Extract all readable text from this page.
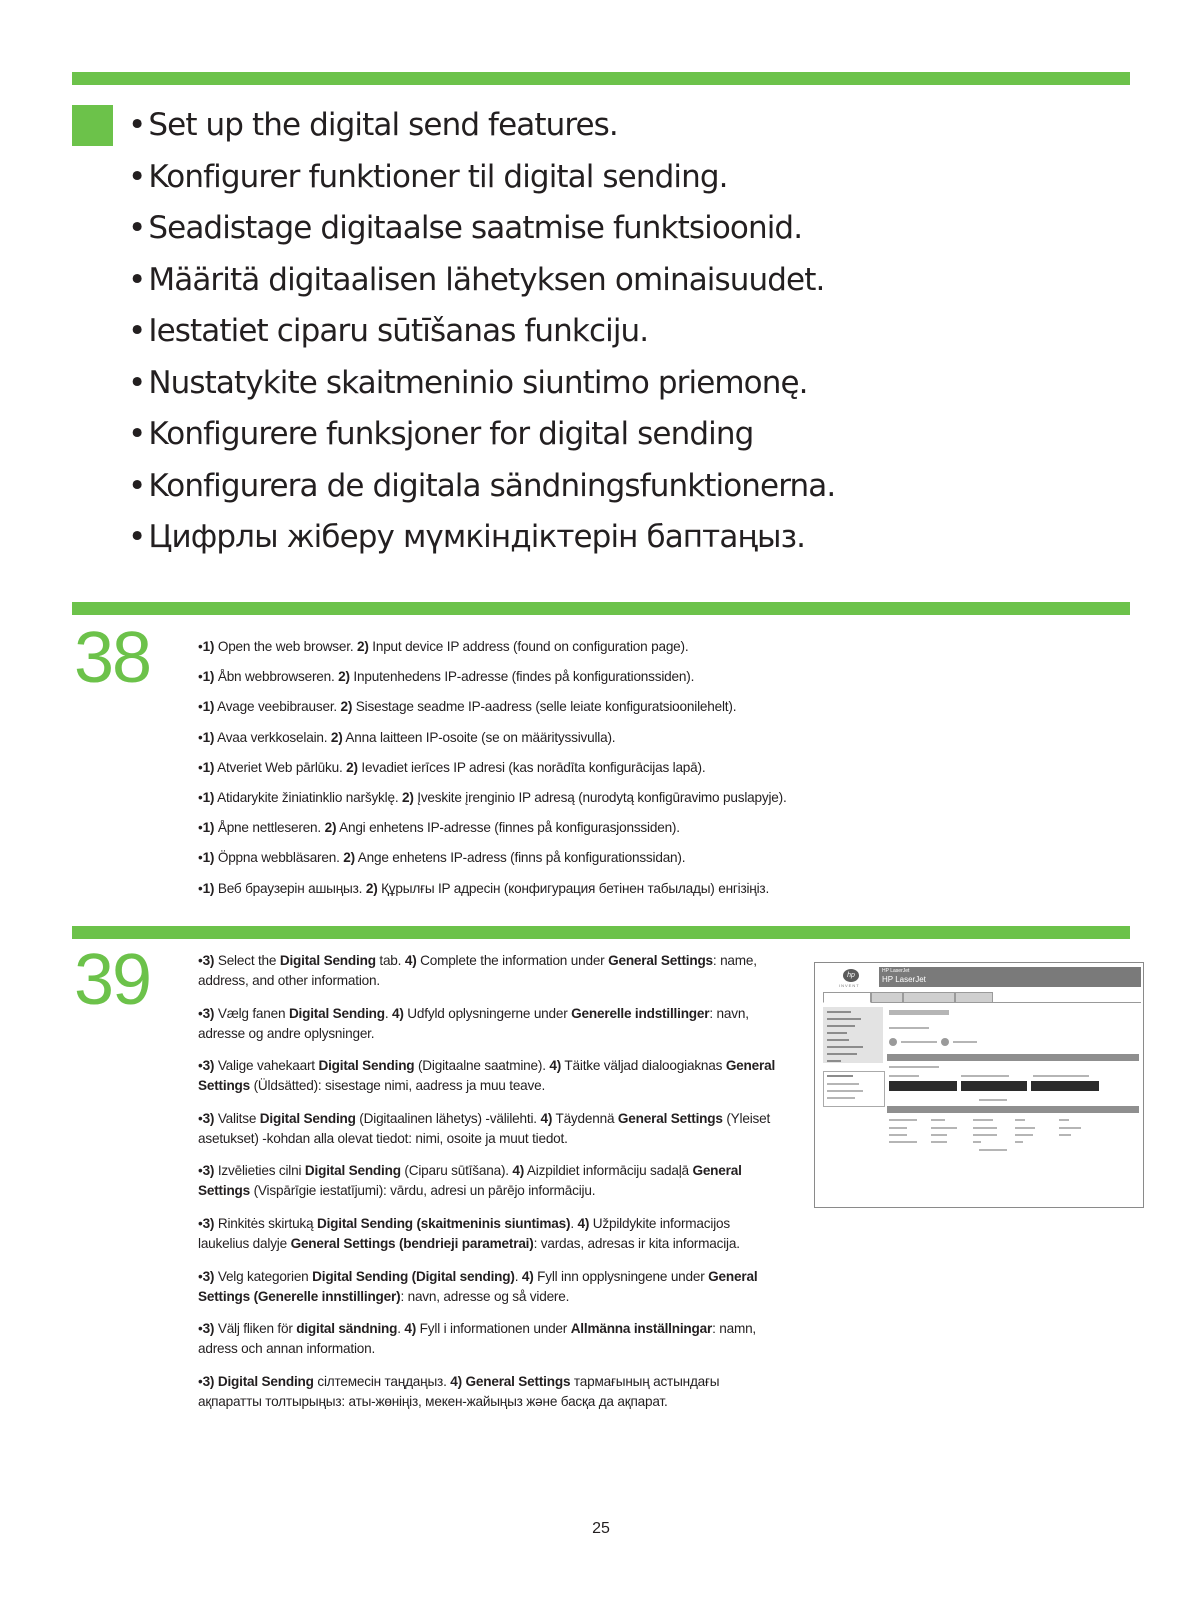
•Set up the digital send features.
•Konfigurer funktioner til digital sending.
•Seadistage digitaalse saatmise funktsioonid.
•Määritä digitaalisen lähetyksen ominaisuudet.
•Iestatiet ciparu sūtīšanas funkciju.
•Nustatykite skaitmeninio siuntimo priemonę.
•Konfigurere funksjoner for digital sending
•Konfigurera de digitala sändningsfunktionerna.
•Цифрлы жіберу мүмкіндіктерін баптаңыз.
38	•1) Open the web browser. 2) Input device IP address (found on configuration page).
•1) Åbn webbrowseren. 2) Inputenhedens IP-adresse (findes på konfigurationssiden).
•1) Avage veebibrauser. 2) Sisestage seadme IP-aadress (selle leiate konfiguratsioonilehelt).
•1) Avaa verkkoselain. 2) Anna laitteen IP-osoite (se on määrityssivulla).
•1) Atveriet Web pārlūku. 2) Ievadiet ierīces IP adresi (kas norādīta konfigurācijas lapā).
•1) Atidarykite žiniatinklio naršyklę. 2) Įveskite įrenginio IP adresą (nurodytą konfigūravimo puslapyje).
•1) Åpne nettleseren. 2) Angi enhetens IP-adresse (finnes på konfigurasjonssiden).
•1) Öppna webbläsaren. 2) Ange enhetens IP-adress (finns på konfigurationssidan).
•1) Веб браузерін ашыңыз. 2) Құрылғы IP адресін (конфигурация бетінен табылады) енгізіңіз.
39	•3) Select the Digital Sending tab. 4) Complete the information under General Settings: name, address, and other information.
•3) Vælg fanen Digital Sending. 4) Udfyld oplysningerne under Generelle indstillinger: navn, adresse og andre oplysninger.
•3) Valige vahekaart Digital Sending (Digitaalne saatmine). 4) Täitke väljad dialoogiaknas General Settings (Üldsätted): sisestage nimi, aadress ja muu teave.
•3) Valitse Digital Sending (Digitaalinen lähetys) -välilehti. 4) Täydennä General Settings (Yleiset asetukset) -kohdan alla olevat tiedot: nimi, osoite ja muut tiedot.
•3) Izvēlieties cilni Digital Sending (Ciparu sūtīšana). 4) Aizpildiet informāciju sadaļā General Settings (Vispārīgie iestatījumi): vārdu, adresi un pārējo informāciju.
•3) Rinkitės skirtuką Digital Sending (skaitmeninis siuntimas). 4) Užpildykite informacijos laukelius dalyje General Settings (bendrieji parametrai): vardas, adresas ir kita informacija.
•3) Velg kategorien Digital Sending (Digital sending). 4) Fyll inn opplysningene under General Settings (Generelle innstillinger): navn, adresse og så videre.
•3) Välj fliken för digital sändning. 4) Fyll i informationen under Allmänna inställningar: namn, adress och annan information.
•3) Digital Sending сілтемесін таңдаңыз. 4) General Settings тармағының астындағы ақпаратты толтырыңыз: аты-жөніңіз, мекен-жайыңыз және басқа да ақпарат.
hp
INVENT
HP LaserJet
HP LaserJet
25
